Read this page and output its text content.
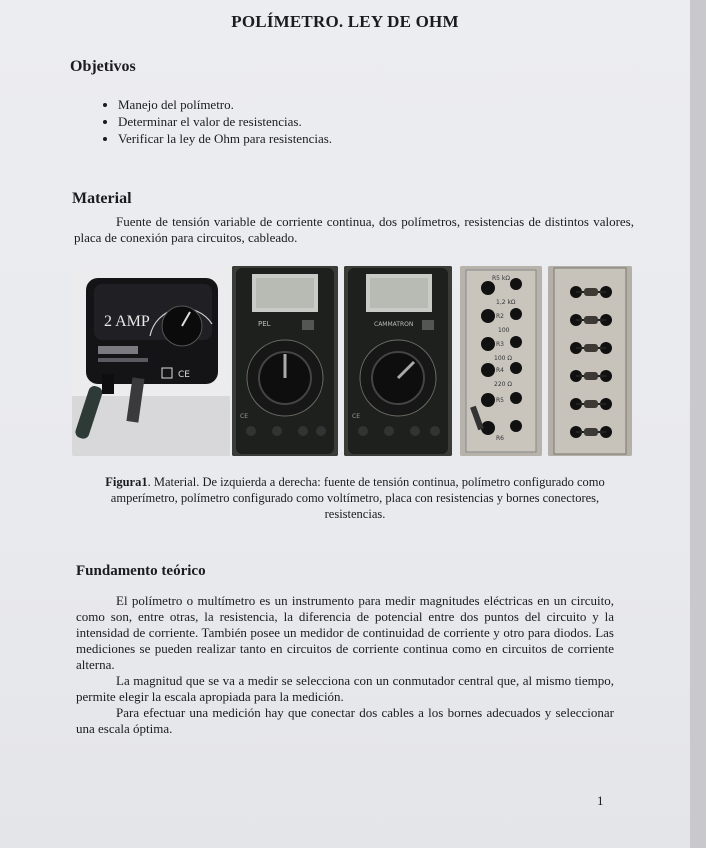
POLÍMETRO. LEY DE OHM
Objetivos
• Manejo del polímetro.
• Determinar el valor de resistencias.
• Verificar la ley de Ohm para resistencias.
Material

Fuente de tensión variable de corriente continua, dos polímetros, resistencias de distintos valores, placa de conexión para circuitos, cableado.

2 AMP
CE
PEL
CE
CAMMATRON
CE
R5 kΩ
1,2 kΩ
R2
100
R3
100 Ω
R4
220 Ω
R5
R6

Figura1. Material. De izquierda a derecha: fuente de tensión continua, polímetro configurado como amperímetro, polímetro configurado como voltímetro, placa con resistencias y bornes conectores, resistencias.

Fundamento teórico

El polímetro o multímetro es un instrumento para medir magnitudes eléctricas en un circuito, como son, entre otras, la resistencia, la diferencia de potencial entre dos puntos del circuito y la intensidad de corriente. También posee un medidor de continuidad de corriente y otro para diodos. Las mediciones se pueden realizar tanto en circuitos de corriente continua como en circuitos de corriente alterna.

La magnitud que se va a medir se selecciona con un conmutador central que, al mismo tiempo, permite elegir la escala apropiada para la medición.

Para efectuar una medición hay que conectar dos cables a los bornes adecuados y seleccionar una escala óptima.

1
